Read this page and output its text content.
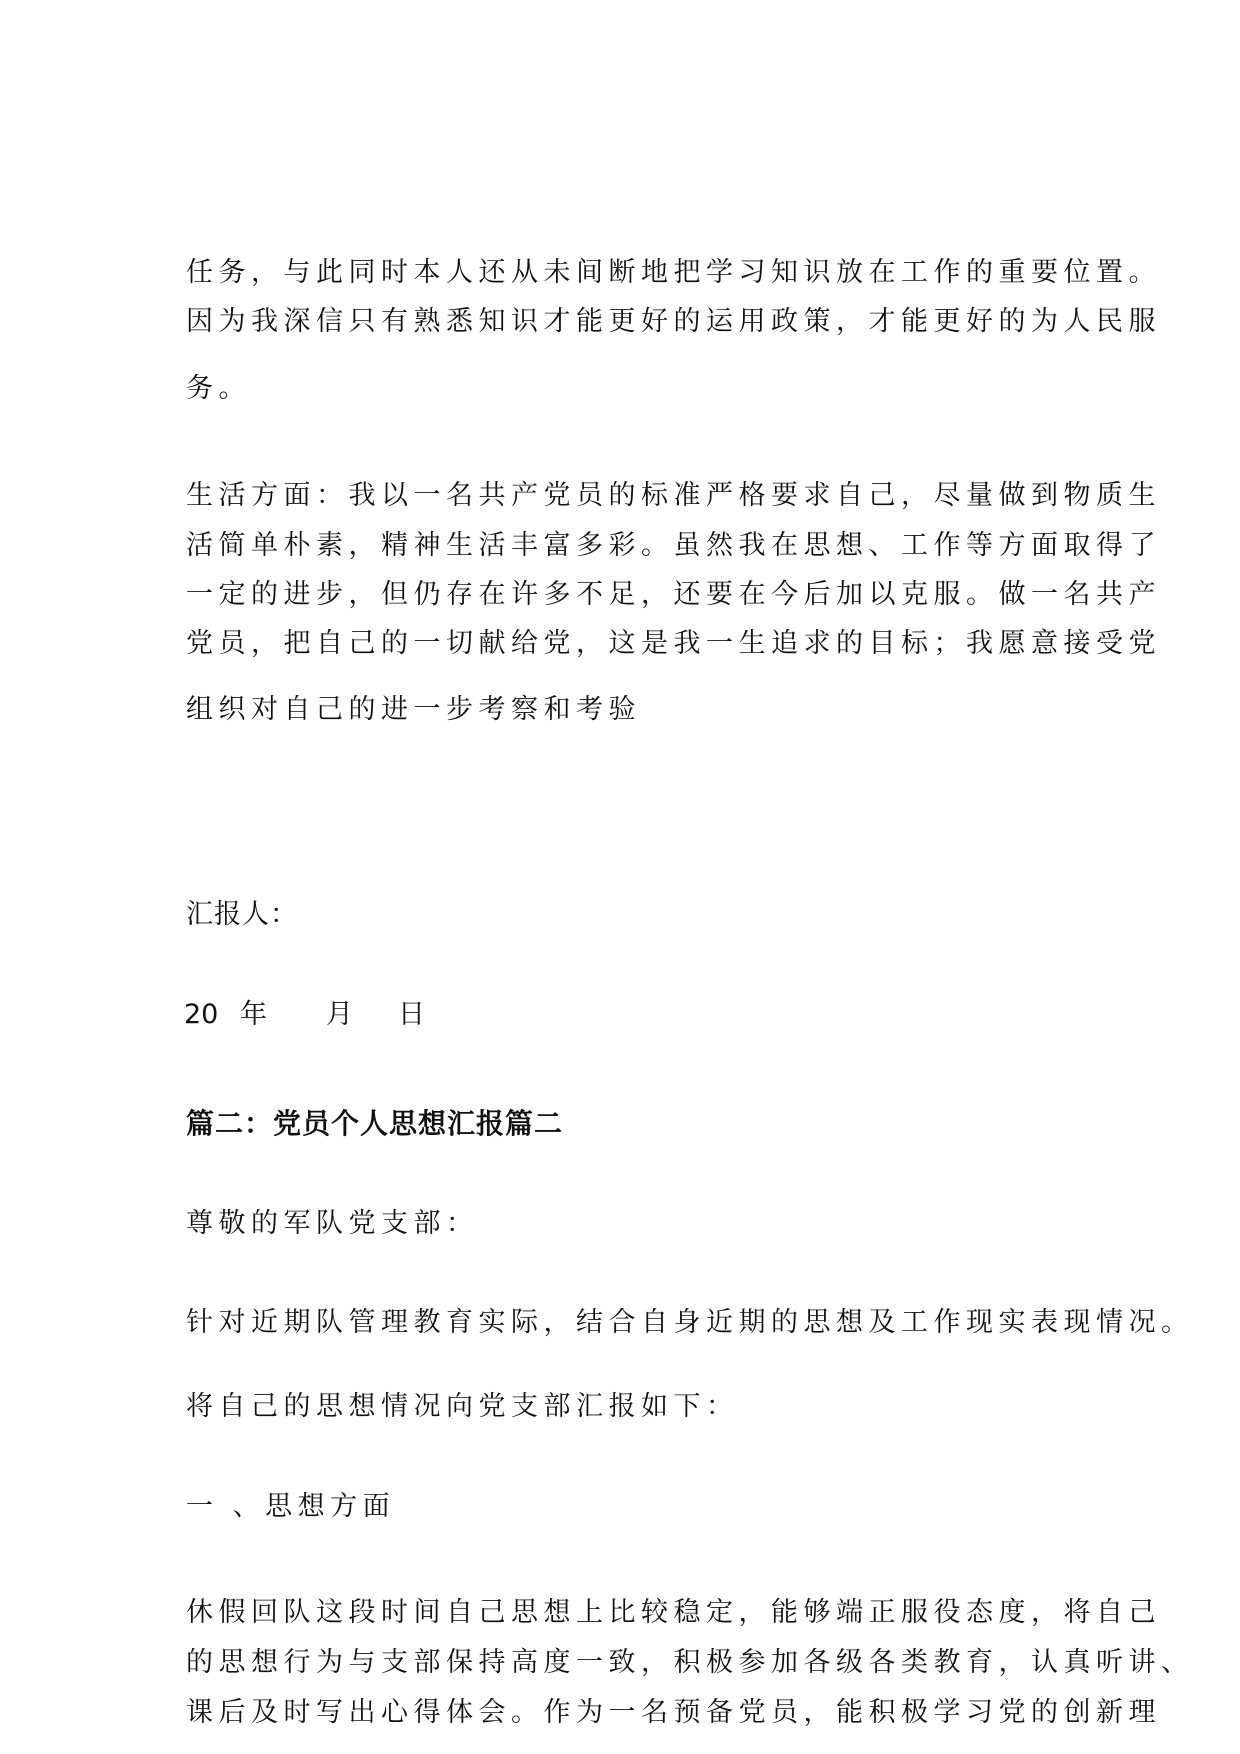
任务，与此同时本人还从未间断地把学习知识放在工作的重要位置。
因为我深信只有熟悉知识才能更好的运用政策，才能更好的为人民服
务。
生活方面：我以一名共产党员的标准严格要求自己，尽量做到物质生
活简单朴素，精神生活丰富多彩。虽然我在思想、工作等方面取得了
一定的进步，但仍存在许多不足，还要在今后加以克服。做一名共产
党员，把自己的一切献给党，这是我一生追求的目标；我愿意接受党
组织对自己的进一步考察和考验
汇报人：
20 年 月 日
篇二：党员个人思想汇报篇二
尊敬的军队党支部：
针对近期队管理教育实际，结合自身近期的思想及工作现实表现情况。
将自己的思想情况向党支部汇报如下：
一 、思想方面
休假回队这段时间自己思想上比较稳定，能够端正服役态度，将自己
的思想行为与支部保持高度一致，积极参加各级各类教育，认真听讲、
课后及时写出心得体会。作为一名预备党员，能积极学习党的创新理
